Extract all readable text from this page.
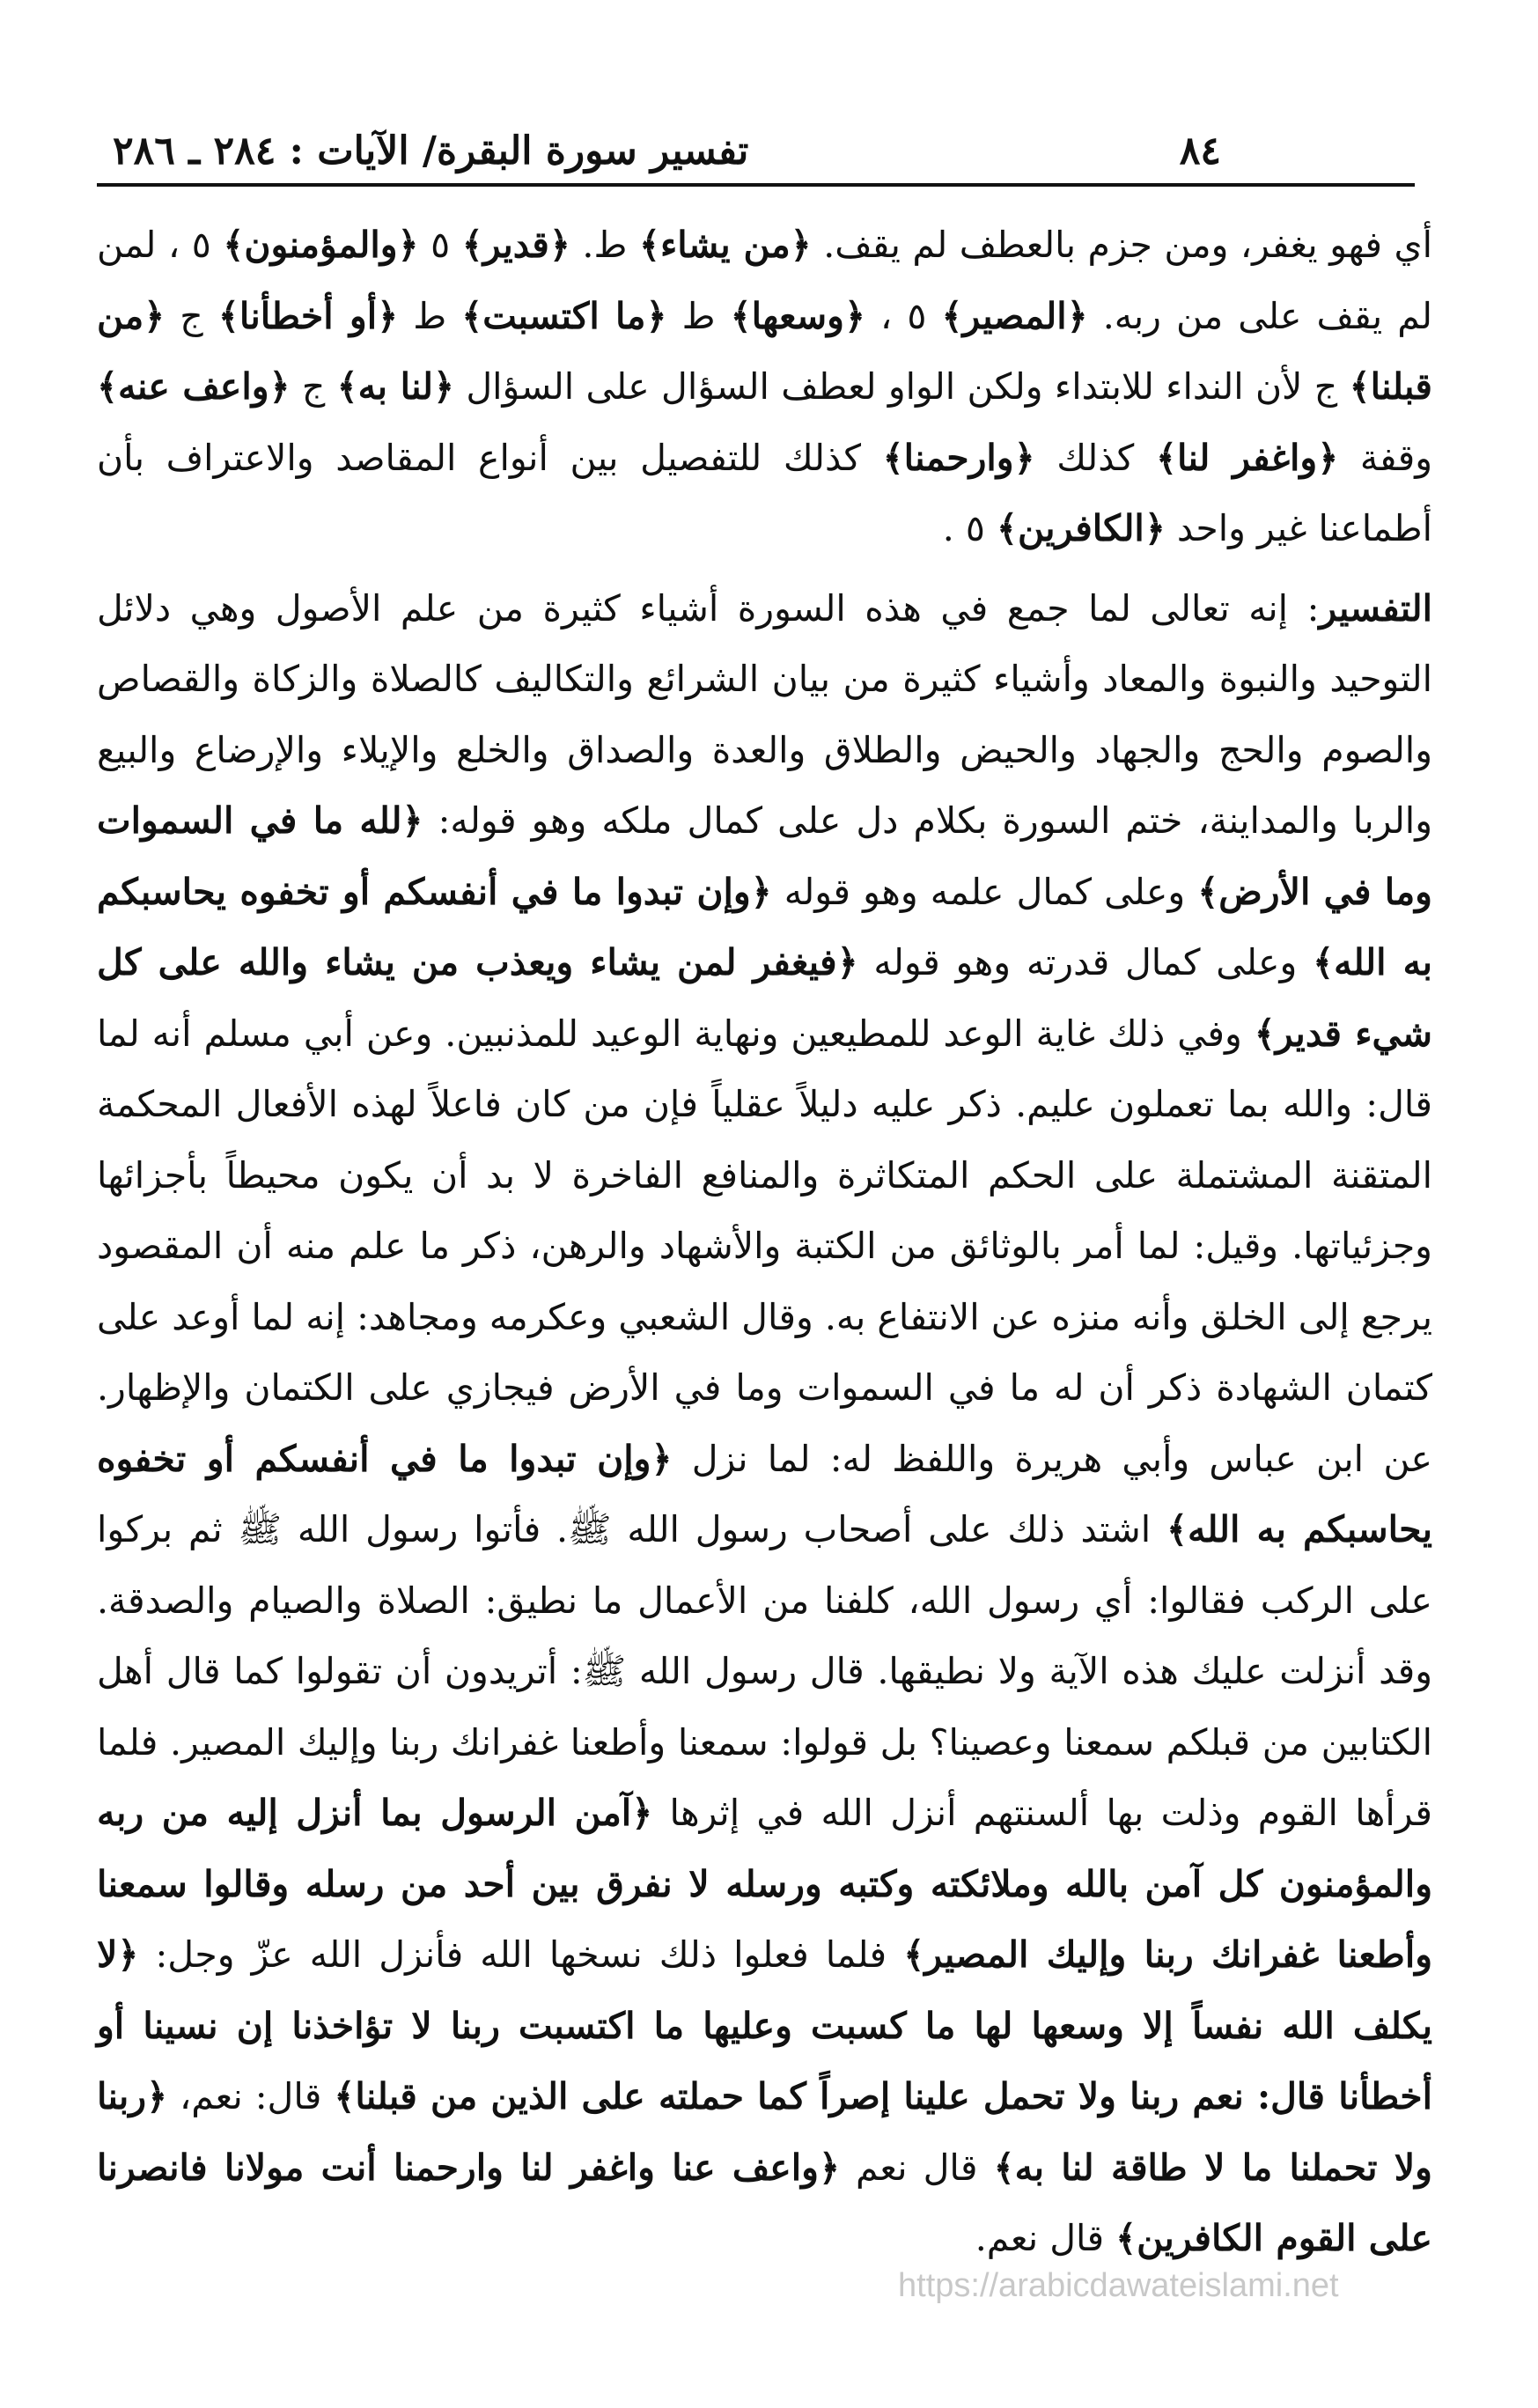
٨٤
تفسير سورة البقرة/ الآيات : ٢٨٤ ـ ٢٨٦

أي فهو يغفر، ومن جزم بالعطف لم يقف. ﴿من يشاء﴾ ط. ﴿قدير﴾ ٥ ﴿والمؤمنون﴾ ٥ ، لمن لم يقف على من ربه. ﴿المصير﴾ ٥ ، ﴿وسعها﴾ ط ﴿ما اكتسبت﴾ ط ﴿أو أخطأنا﴾ ج ﴿من قبلنا﴾ ج لأن النداء للابتداء ولكن الواو لعطف السؤال على السؤال ﴿لنا به﴾ ج ﴿واعف عنه﴾ وقفة ﴿واغفر لنا﴾ كذلك ﴿وارحمنا﴾ كذلك للتفصيل بين أنواع المقاصد والاعتراف بأن أطماعنا غير واحد ﴿الكافرين﴾ ٥ .

التفسير: إنه تعالى لما جمع في هذه السورة أشياء كثيرة من علم الأصول وهي دلائل التوحيد والنبوة والمعاد وأشياء كثيرة من بيان الشرائع والتكاليف كالصلاة والزكاة والقصاص والصوم والحج والجهاد والحيض والطلاق والعدة والصداق والخلع والإيلاء والإرضاع والبيع والربا والمداينة، ختم السورة بكلام دل على كمال ملكه وهو قوله: ﴿لله ما في السموات وما في الأرض﴾ وعلى كمال علمه وهو قوله ﴿وإن تبدوا ما في أنفسكم أو تخفوه يحاسبكم به الله﴾ وعلى كمال قدرته وهو قوله ﴿فيغفر لمن يشاء ويعذب من يشاء والله على كل شيء قدير﴾ وفي ذلك غاية الوعد للمطيعين ونهاية الوعيد للمذنبين. وعن أبي مسلم أنه لما قال: والله بما تعملون عليم. ذكر عليه دليلاً عقلياً فإن من كان فاعلاً لهذه الأفعال المحكمة المتقنة المشتملة على الحكم المتكاثرة والمنافع الفاخرة لا بد أن يكون محيطاً بأجزائها وجزئياتها. وقيل: لما أمر بالوثائق من الكتبة والأشهاد والرهن، ذكر ما علم منه أن المقصود يرجع إلى الخلق وأنه منزه عن الانتفاع به. وقال الشعبي وعكرمه ومجاهد: إنه لما أوعد على كتمان الشهادة ذكر أن له ما في السموات وما في الأرض فيجازي على الكتمان والإظهار. عن ابن عباس وأبي هريرة واللفظ له: لما نزل ﴿وإن تبدوا ما في أنفسكم أو تخفوه يحاسبكم به الله﴾ اشتد ذلك على أصحاب رسول الله ﷺ. فأتوا رسول الله ﷺ ثم بركوا على الركب فقالوا: أي رسول الله، كلفنا من الأعمال ما نطيق: الصلاة والصيام والصدقة. وقد أنزلت عليك هذه الآية ولا نطيقها. قال رسول الله ﷺ: أتريدون أن تقولوا كما قال أهل الكتابين من قبلكم سمعنا وعصينا؟ بل قولوا: سمعنا وأطعنا غفرانك ربنا وإليك المصير. فلما قرأها القوم وذلت بها ألسنتهم أنزل الله في إثرها ﴿آمن الرسول بما أنزل إليه من ربه والمؤمنون كل آمن بالله وملائكته وكتبه ورسله لا نفرق بين أحد من رسله وقالوا سمعنا وأطعنا غفرانك ربنا وإليك المصير﴾ فلما فعلوا ذلك نسخها الله فأنزل الله عزّ وجل: ﴿لا يكلف الله نفساً إلا وسعها لها ما كسبت وعليها ما اكتسبت ربنا لا تؤاخذنا إن نسينا أو أخطأنا قال: نعم ربنا ولا تحمل علينا إصراً كما حملته على الذين من قبلنا﴾ قال: نعم، ﴿ربنا ولا تحملنا ما لا طاقة لنا به﴾ قال نعم ﴿واعف عنا واغفر لنا وارحمنا أنت مولانا فانصرنا على القوم الكافرين﴾ قال نعم.

https://arabicdawateislami.net
